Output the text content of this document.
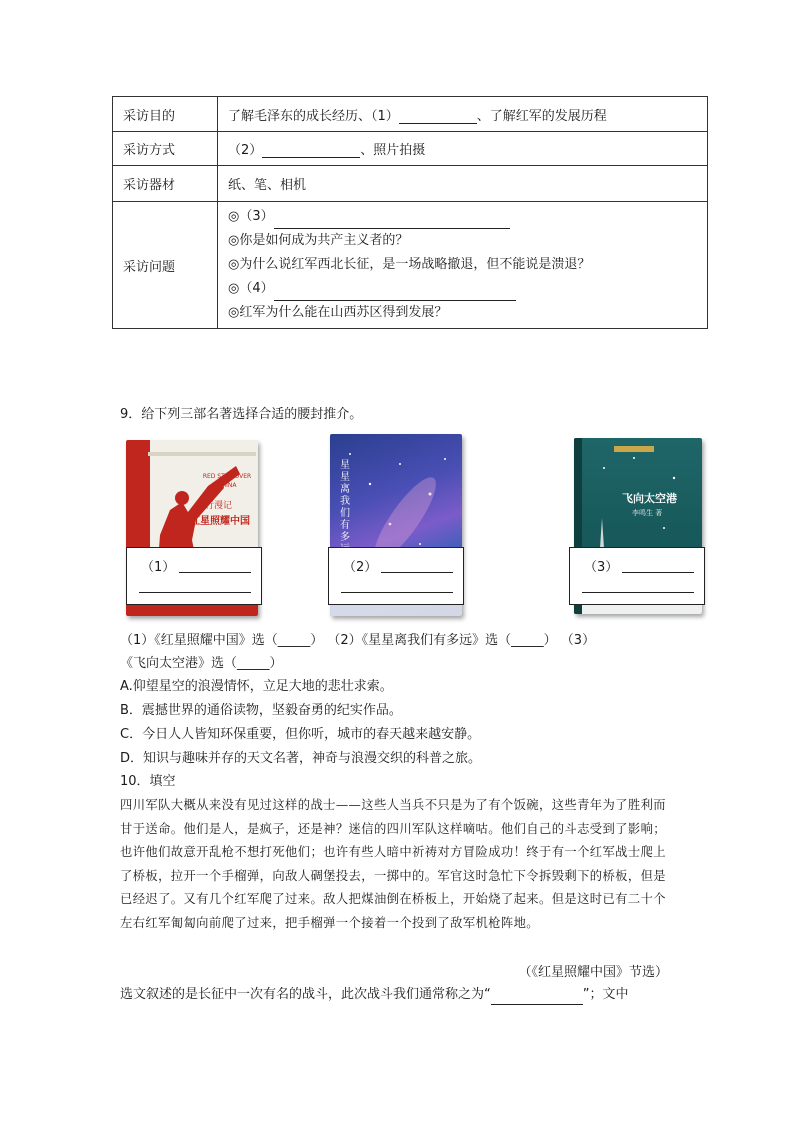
采访目的	了解毛泽东的成长经历、（1） 、了解红军的发展历程
采访方式	（2） 、照片拍摄
采访器材	纸、笔、相机
采访问题	◎（3）
◎你是如何成为共产主义者的？
◎为什么说红军西北长征，是一场战略撤退，但不能说是溃退？
◎（4）
◎红军为什么能在山西苏区得到发展？
9．给下列三部名著选择合适的腰封推介。
RED STAR OVER CHINA
西行漫记
红星照耀中国
（1）
星星离我们有多
（2）
飞向太空港
李鸣生 著
（3）
（1）《红星照耀中国》选（_____） （2）《星星离我们有多远》选（_____） （3）
《飞向太空港》选（_____）
A.仰望星空的浪漫情怀，立足大地的悲壮求索。
B．震撼世界的通俗读物，坚毅奋勇的纪实作品。
C．今日人人皆知环保重要，但你听，城市的春天越来越安静。
D．知识与趣味并存的天文名著，神奇与浪漫交织的科普之旅。
10．填空
四川军队大概从来没有见过这样的战士——这些人当兵不只是为了有个饭碗，这些青年为了胜利而甘于送命。他们是人，是疯子，还是神？迷信的四川军队这样嘀咕。他们自己的斗志受到了影响；也许他们故意开乱枪不想打死他们；也许有些人暗中祈祷对方冒险成功！终于有一个红军战士爬上了桥板，拉开一个手榴弹，向敌人碉堡投去，一掷中的。军官这时急忙下令拆毁剩下的桥板，但是已经迟了。又有几个红军爬了过来。敌人把煤油倒在桥板上，开始烧了起来。但是这时已有二十个左右红军匍匐向前爬了过来，把手榴弹一个接着一个投到了敌军机枪阵地。
（《红星照耀中国》节选）
选文叙述的是长征中一次有名的战斗，此次战斗我们通常称之为“	”；文中
